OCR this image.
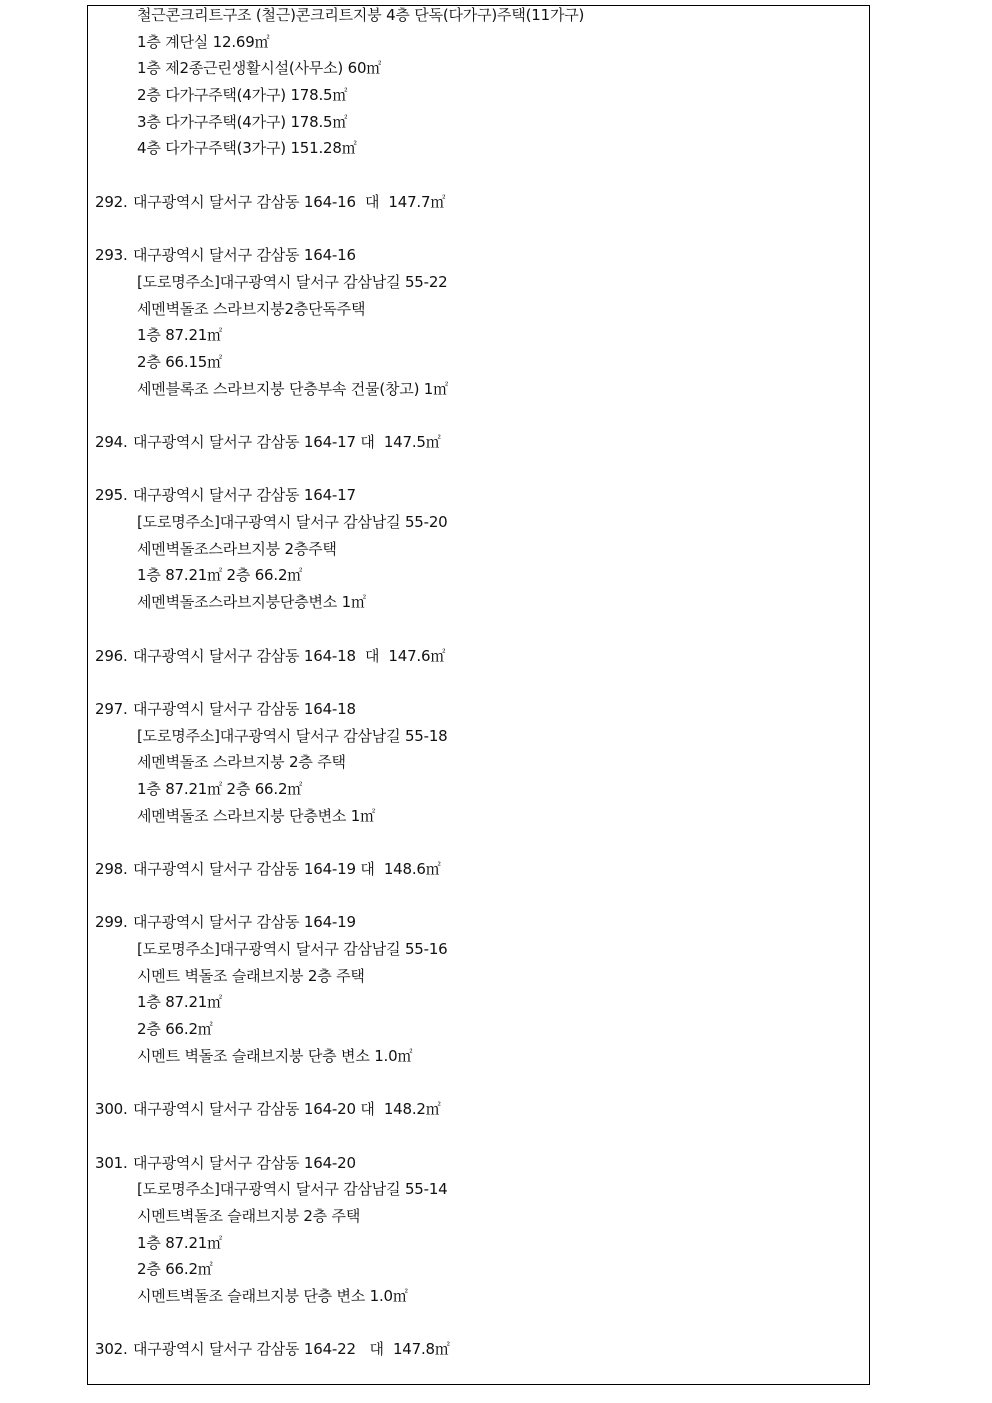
철근콘크리트구조 (철근)콘크리트지붕 4층 단독(다가구)주택(11가구)
1층 계단실 12.69㎡
1층 제2종근린생활시설(사무소) 60㎡
2층 다가구주택(4가구) 178.5㎡
3층 다가구주택(4가구) 178.5㎡
4층 다가구주택(3가구) 151.28㎡
292. 대구광역시 달서구 감삼동 164-16  대  147.7㎡
293. 대구광역시 달서구 감삼동 164-16
[도로명주소]대구광역시 달서구 감삼남길 55-22
세멘벽돌조 스라브지붕2층단독주택
1층 87.21㎡
2층 66.15㎡
세멘블록조 스라브지붕 단층부속 건물(창고) 1㎡
294. 대구광역시 달서구 감삼동 164-17 대  147.5㎡
295. 대구광역시 달서구 감삼동 164-17
[도로명주소]대구광역시 달서구 감삼남길 55-20
세멘벽돌조스라브지붕 2층주택
1층 87.21㎡ 2층 66.2㎡
세멘벽돌조스라브지붕단층변소 1㎡
296. 대구광역시 달서구 감삼동 164-18  대  147.6㎡
297. 대구광역시 달서구 감삼동 164-18
[도로명주소]대구광역시 달서구 감삼남길 55-18
세멘벽돌조 스라브지붕 2층 주택
1층 87.21㎡ 2층 66.2㎡
세멘벽돌조 스라브지붕 단층변소 1㎡
298. 대구광역시 달서구 감삼동 164-19 대  148.6㎡
299. 대구광역시 달서구 감삼동 164-19
[도로명주소]대구광역시 달서구 감삼남길 55-16
시멘트 벽돌조 슬래브지붕 2층 주택
1층 87.21㎡
2층 66.2㎡
시멘트 벽돌조 슬래브지붕 단층 변소 1.0㎡
300. 대구광역시 달서구 감삼동 164-20 대  148.2㎡
301. 대구광역시 달서구 감삼동 164-20
[도로명주소]대구광역시 달서구 감삼남길 55-14
시멘트벽돌조 슬래브지붕 2층 주택
1층 87.21㎡
2층 66.2㎡
시멘트벽돌조 슬래브지붕 단층 변소 1.0㎡
302. 대구광역시 달서구 감삼동 164-22   대  147.8㎡
